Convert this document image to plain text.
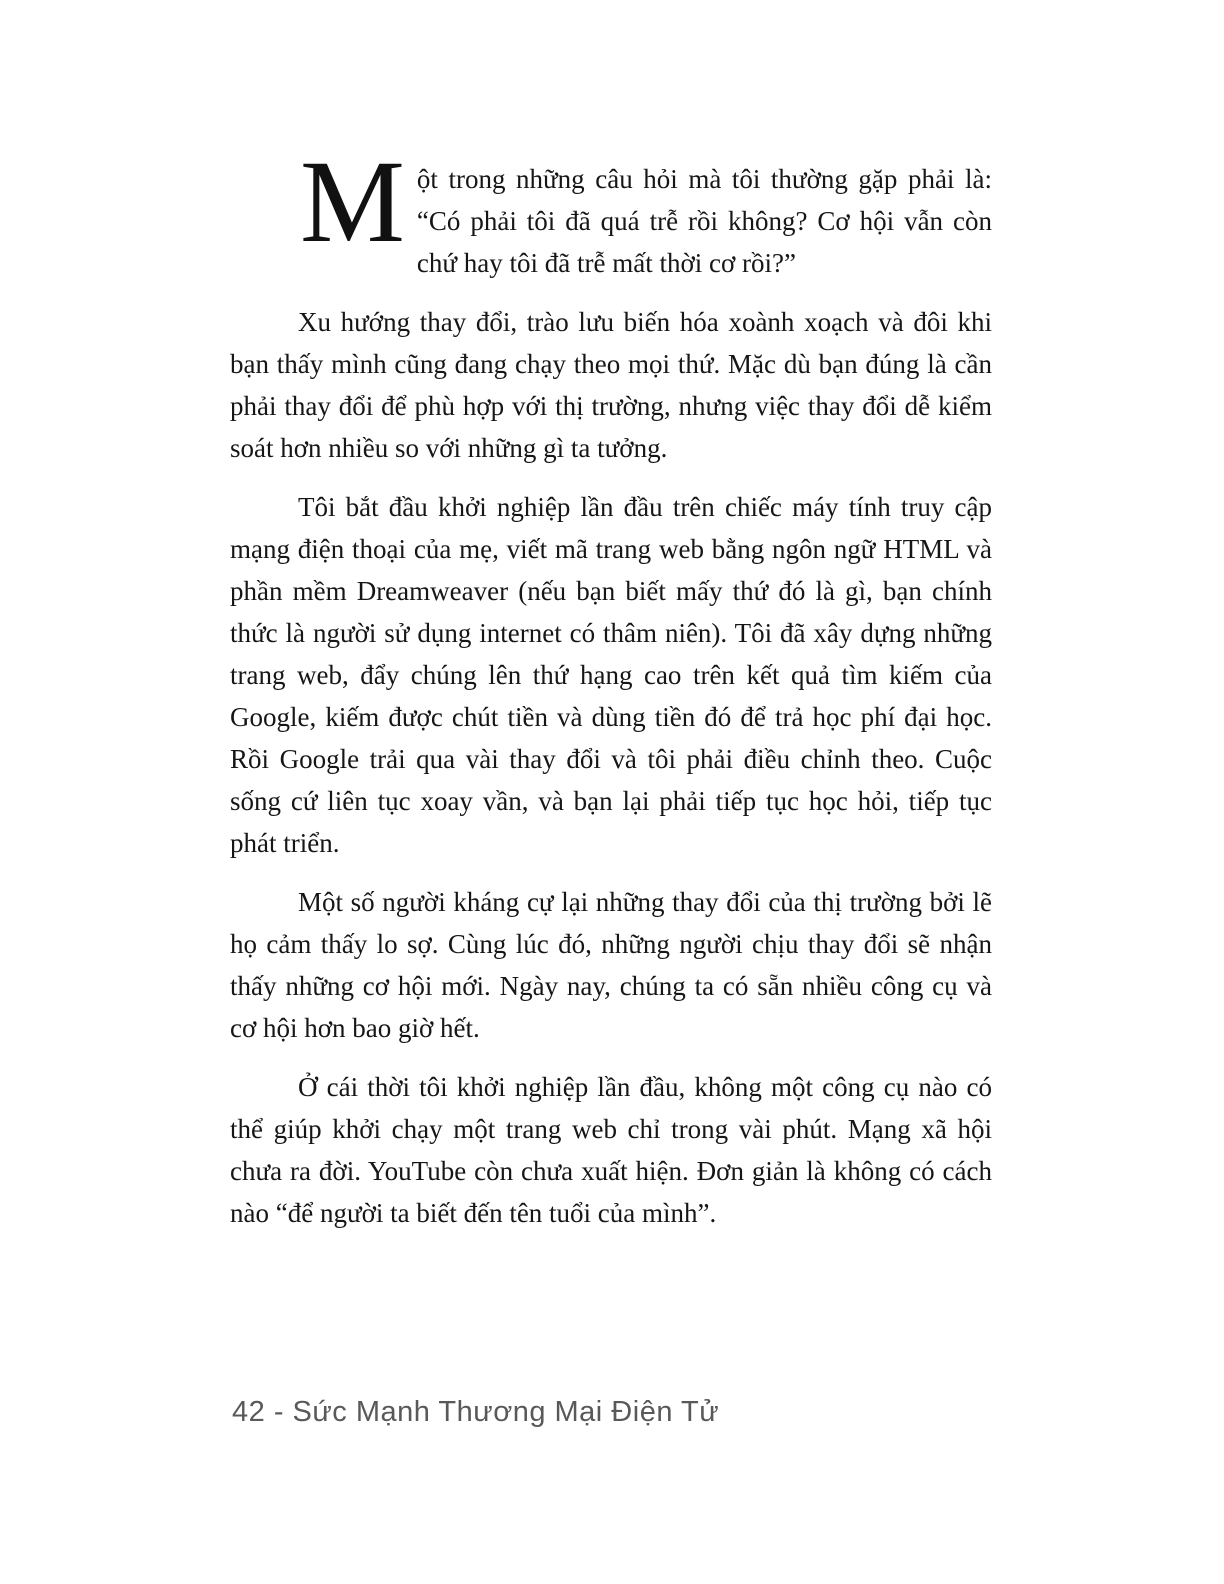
Một trong những câu hỏi mà tôi thường gặp phải là: “Có phải tôi đã quá trễ rồi không? Cơ hội vẫn còn chứ hay tôi đã trễ mất thời cơ rồi?”

Xu hướng thay đổi, trào lưu biến hóa xoành xoạch và đôi khi bạn thấy mình cũng đang chạy theo mọi thứ. Mặc dù bạn đúng là cần phải thay đổi để phù hợp với thị trường, nhưng việc thay đổi dễ kiểm soát hơn nhiều so với những gì ta tưởng.

Tôi bắt đầu khởi nghiệp lần đầu trên chiếc máy tính truy cập mạng điện thoại của mẹ, viết mã trang web bằng ngôn ngữ HTML và phần mềm Dreamweaver (nếu bạn biết mấy thứ đó là gì, bạn chính thức là người sử dụng internet có thâm niên). Tôi đã xây dựng những trang web, đẩy chúng lên thứ hạng cao trên kết quả tìm kiếm của Google, kiếm được chút tiền và dùng tiền đó để trả học phí đại học. Rồi Google trải qua vài thay đổi và tôi phải điều chỉnh theo. Cuộc sống cứ liên tục xoay vần, và bạn lại phải tiếp tục học hỏi, tiếp tục phát triển.

Một số người kháng cự lại những thay đổi của thị trường bởi lẽ họ cảm thấy lo sợ. Cùng lúc đó, những người chịu thay đổi sẽ nhận thấy những cơ hội mới. Ngày nay, chúng ta có sẵn nhiều công cụ và cơ hội hơn bao giờ hết.

Ở cái thời tôi khởi nghiệp lần đầu, không một công cụ nào có thể giúp khởi chạy một trang web chỉ trong vài phút. Mạng xã hội chưa ra đời. YouTube còn chưa xuất hiện. Đơn giản là không có cách nào “để người ta biết đến tên tuổi của mình”.

42 - Sức Mạnh Thương Mại Điện Tử
